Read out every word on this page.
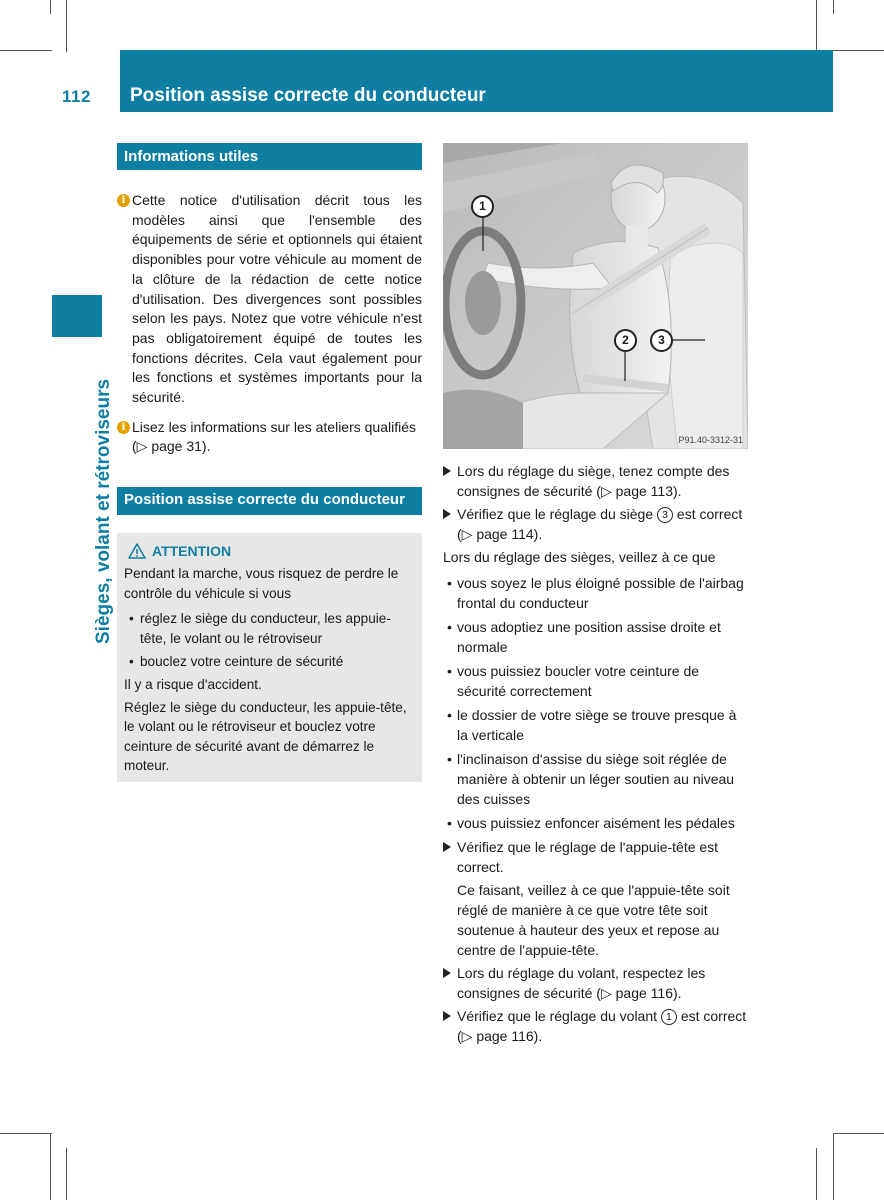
112 Position assise correcte du conducteur
Sièges, volant et rétroviseurs
Informations utiles
i Cette notice d'utilisation décrit tous les modèles ainsi que l'ensemble des équipements de série et optionnels qui étaient disponibles pour votre véhicule au moment de la clôture de la rédaction de cette notice d'utilisation. Des divergences sont possibles selon les pays. Notez que votre véhicule n'est pas obligatoirement équipé de toutes les fonctions décrites. Cela vaut également pour les fonctions et systèmes importants pour la sécurité.
i Lisez les informations sur les ateliers qualifiés (▷ page 31).
Position assise correcte du conducteur
ATTENTION
Pendant la marche, vous risquez de perdre le contrôle du véhicule si vous
• réglez le siège du conducteur, les appuie-tête, le volant ou le rétroviseur
• bouclez votre ceinture de sécurité
Il y a risque d'accident.
Réglez le siège du conducteur, les appuie-tête, le volant ou le rétroviseur et bouclez votre ceinture de sécurité avant de démarrez le moteur.
1
2	3
P91.40-3312-31
Lors du réglage du siège, tenez compte des consignes de sécurité (▷ page 113).
Vérifiez que le réglage du siège 3 est correct (▷ page 114).
Lors du réglage des sièges, veillez à ce que
• vous soyez le plus éloigné possible de l'airbag frontal du conducteur
• vous adoptiez une position assise droite et normale
• vous puissiez boucler votre ceinture de sécurité correctement
• le dossier de votre siège se trouve presque à la verticale
• l'inclinaison d'assise du siège soit réglée de manière à obtenir un léger soutien au niveau des cuisses
• vous puissiez enfoncer aisément les pédales
Vérifiez que le réglage de l'appuie-tête est correct.
Ce faisant, veillez à ce que l'appuie-tête soit réglé de manière à ce que votre tête soit soutenue à hauteur des yeux et repose au centre de l'appuie-tête.
Lors du réglage du volant, respectez les consignes de sécurité (▷ page 116).
Vérifiez que le réglage du volant 1 est correct (▷ page 116).
